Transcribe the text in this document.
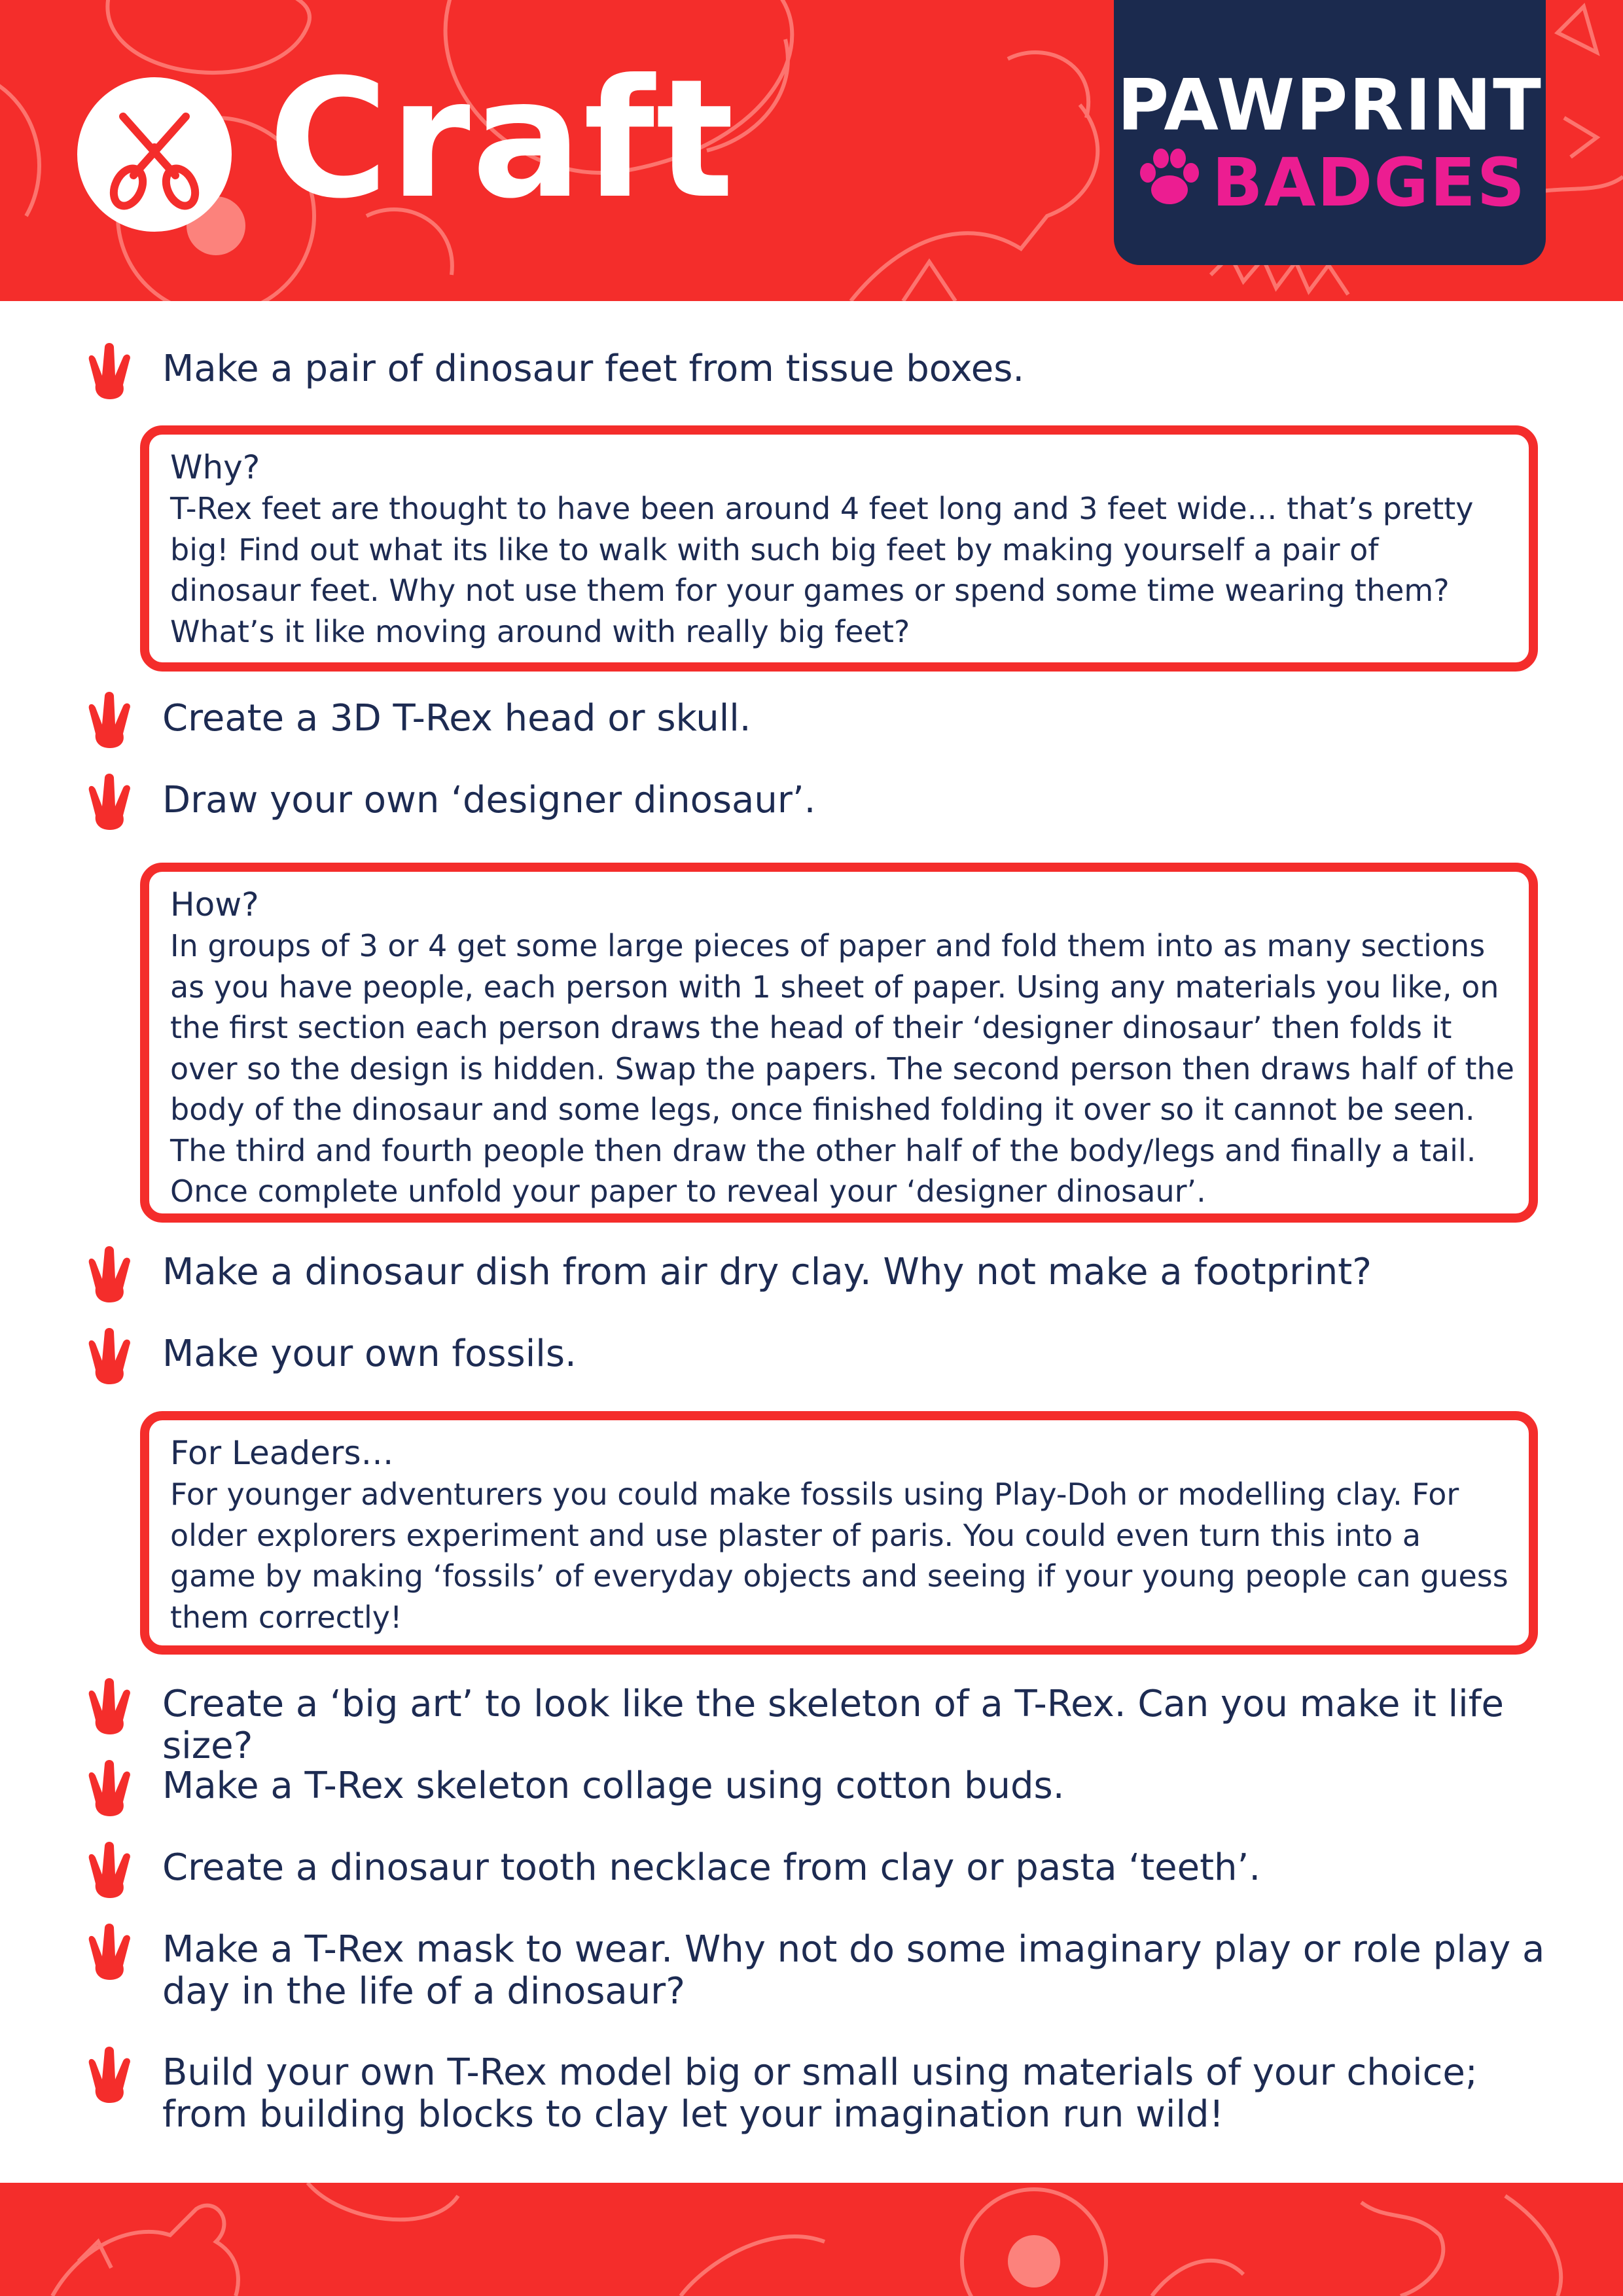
Craft	PAWPRINT
BADGES
Make a pair of dinosaur feet from tissue boxes.
Why?
T-Rex feet are thought to have been around 4 feet long and 3 feet wide… that’s pretty big! Find out what its like to walk with such big feet by making yourself a pair of dinosaur feet. Why not use them for your games or spend some time wearing them? What’s it like moving around with really big feet?
Create a 3D T-Rex head or skull.
Draw your own ‘designer dinosaur’.
How?
In groups of 3 or 4 get some large pieces of paper and fold them into as many sections as you have people, each person with 1 sheet of paper. Using any materials you like, on the first section each person draws the head of their ‘designer dinosaur’ then folds it over so the design is hidden. Swap the papers. The second person then draws half of the body of the dinosaur and some legs, once finished folding it over so it cannot be seen. The third and fourth people then draw the other half of the body/legs and finally a tail. Once complete unfold your paper to reveal your ‘designer dinosaur’.
Make a dinosaur dish from air dry clay. Why not make a footprint?
Make your own fossils.
For Leaders…
For younger adventurers you could make fossils using Play-Doh or modelling clay. For older explorers experiment and use plaster of paris. You could even turn this into a game by making ‘fossils’ of everyday objects and seeing if your young people can guess them correctly!
Create a ‘big art’ to look like the skeleton of a T-Rex. Can you make it life size?
Make a T-Rex skeleton collage using cotton buds.
Create a dinosaur tooth necklace from clay or pasta ‘teeth’.
Make a T-Rex mask to wear. Why not do some imaginary play or role play a day in the life of a dinosaur?
Build your own T-Rex model big or small using materials of your choice; from building blocks to clay let your imagination run wild!
